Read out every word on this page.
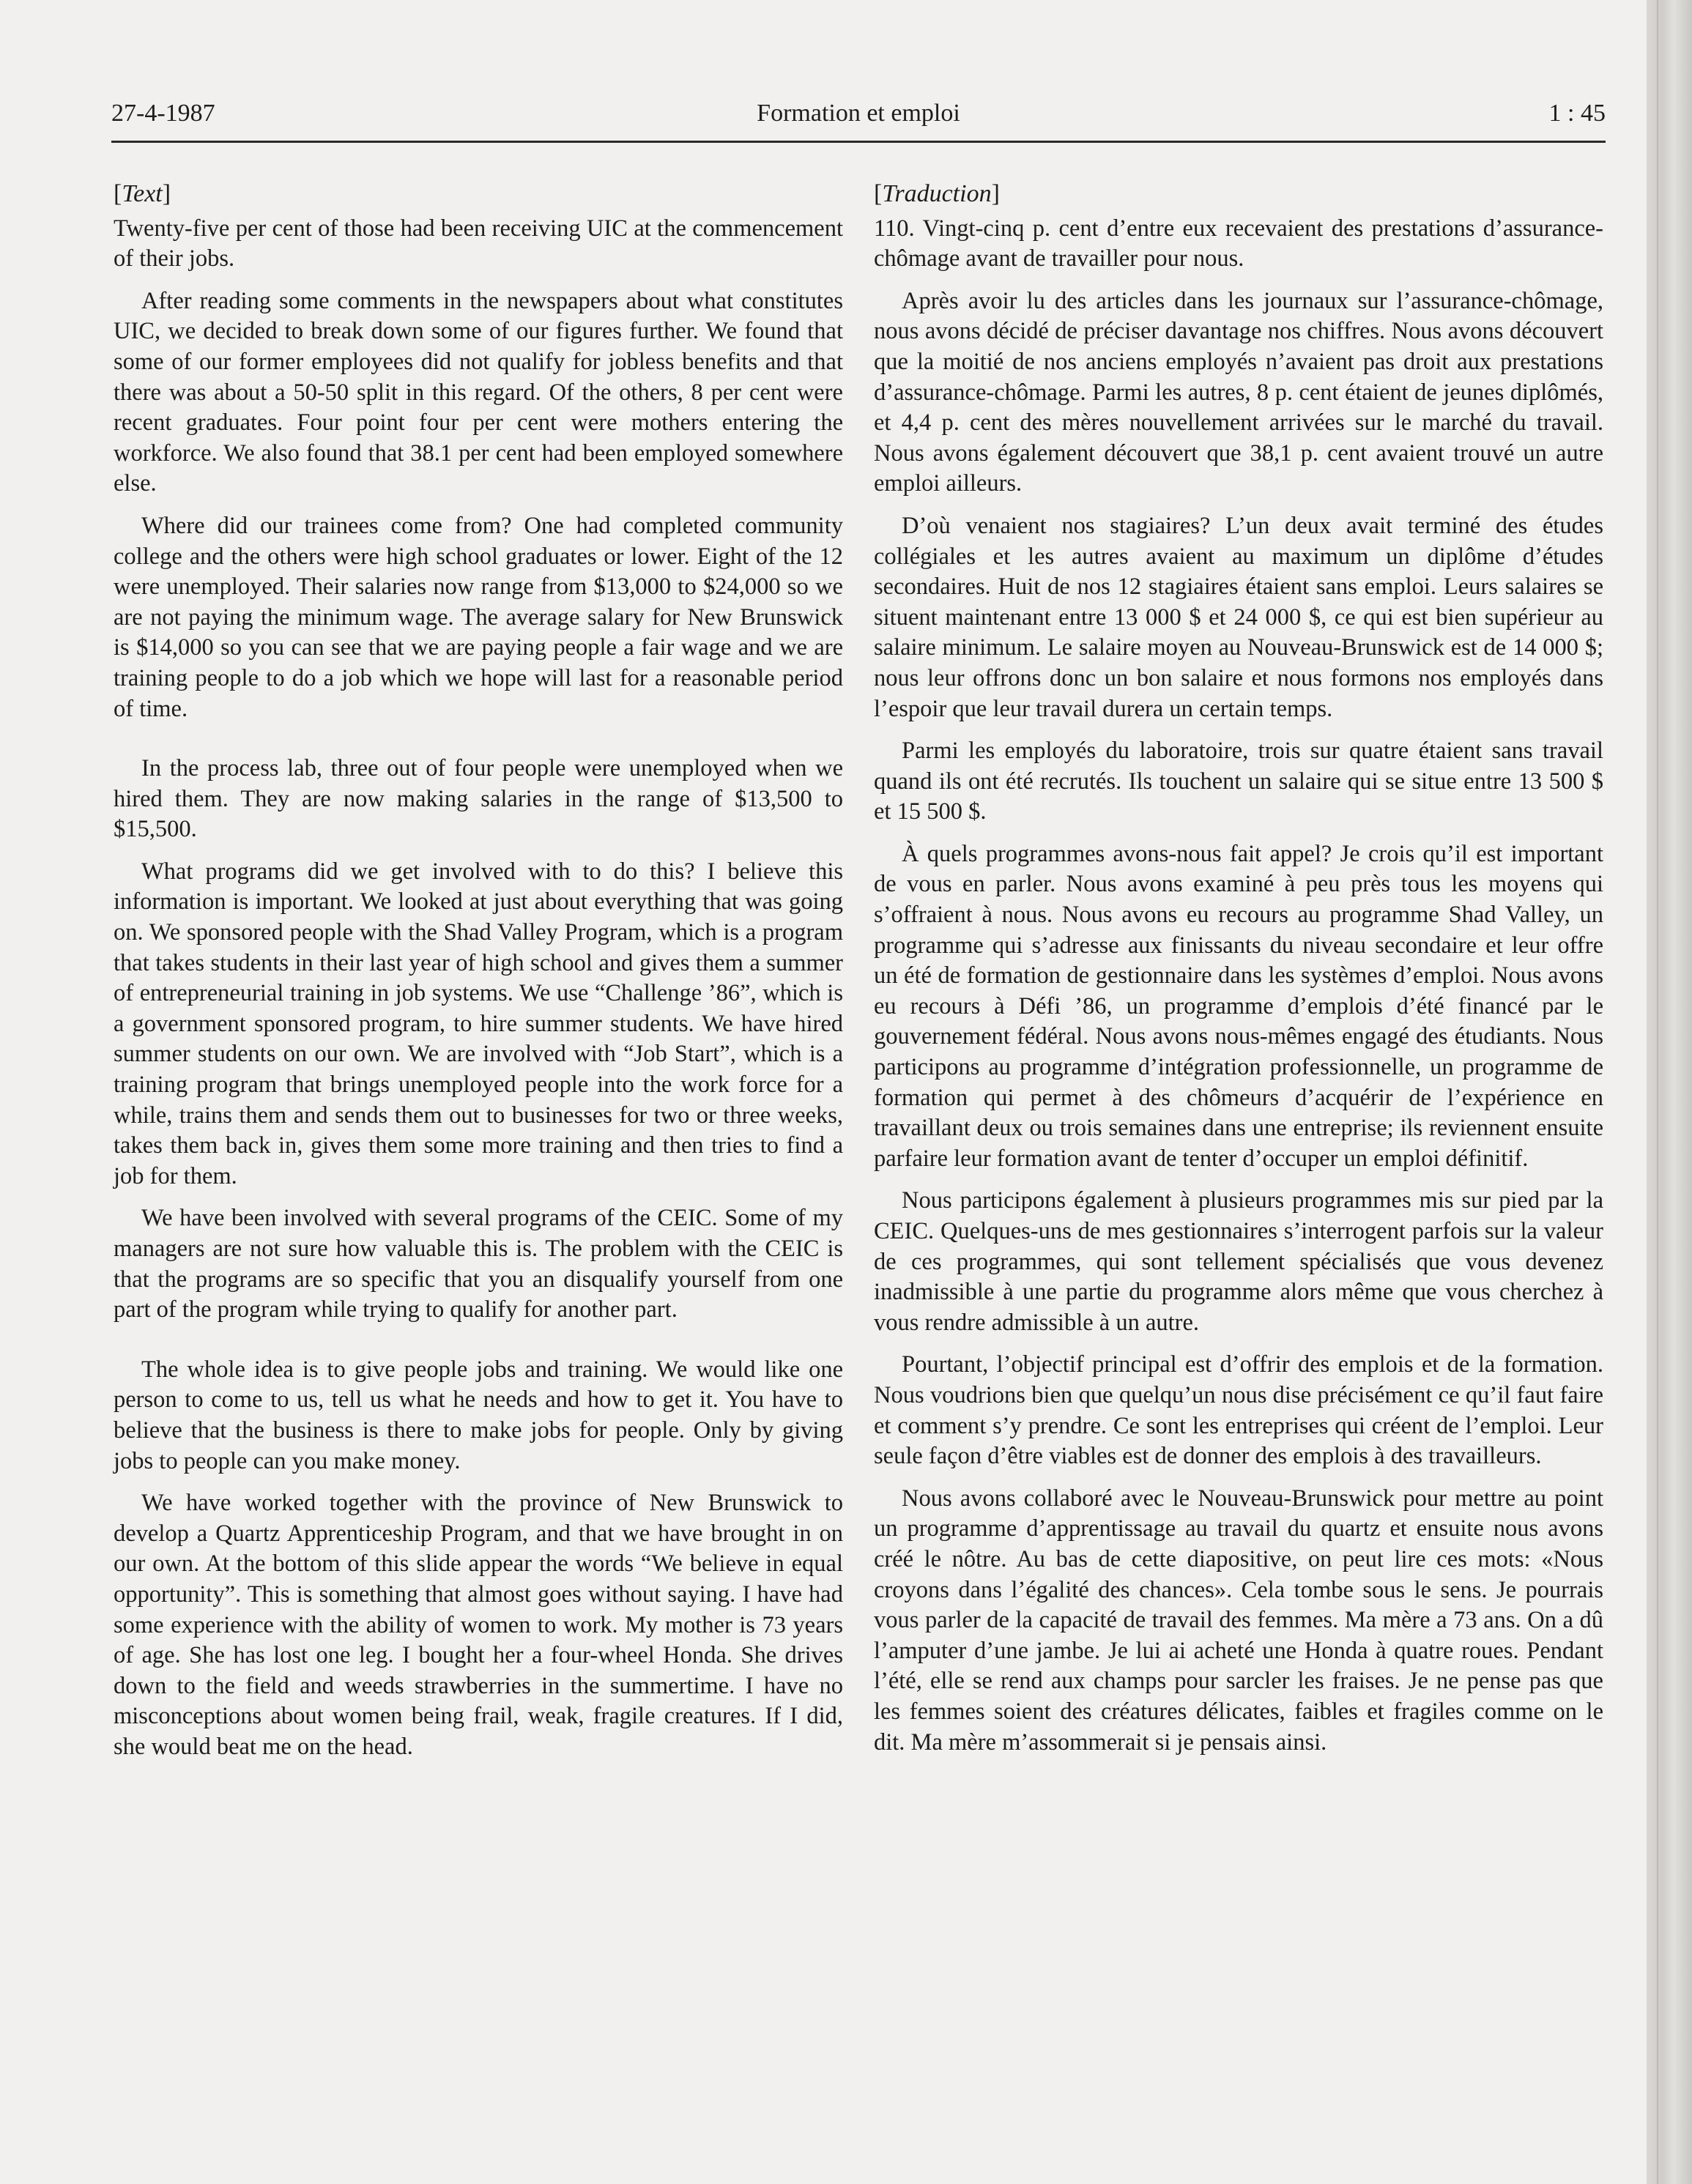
27-4-1987	Formation et emploi	1 : 45
[Text]

Twenty-five per cent of those had been receiving UIC at the commencement of their jobs.

After reading some comments in the newspapers about what constitutes UIC, we decided to break down some of our figures further. We found that some of our former employees did not qualify for jobless benefits and that there was about a 50-50 split in this regard. Of the others, 8 per cent were recent graduates. Four point four per cent were mothers entering the workforce. We also found that 38.1 per cent had been employed somewhere else.

Where did our trainees come from? One had completed community college and the others were high school graduates or lower. Eight of the 12 were unemployed. Their salaries now range from $13,000 to $24,000 so we are not paying the minimum wage. The average salary for New Brunswick is $14,000 so you can see that we are paying people a fair wage and we are training people to do a job which we hope will last for a reasonable period of time.

In the process lab, three out of four people were unemployed when we hired them. They are now making salaries in the range of $13,500 to $15,500.

What programs did we get involved with to do this? I believe this information is important. We looked at just about everything that was going on. We sponsored people with the Shad Valley Program, which is a program that takes students in their last year of high school and gives them a summer of entrepreneurial training in job systems. We use “Challenge ’86”, which is a government sponsored program, to hire summer students. We have hired summer students on our own. We are involved with “Job Start”, which is a training program that brings unemployed people into the work force for a while, trains them and sends them out to businesses for two or three weeks, takes them back in, gives them some more training and then tries to find a job for them.

We have been involved with several programs of the CEIC. Some of my managers are not sure how valuable this is. The problem with the CEIC is that the programs are so specific that you an disqualify yourself from one part of the program while trying to qualify for another part.

The whole idea is to give people jobs and training. We would like one person to come to us, tell us what he needs and how to get it. You have to believe that the business is there to make jobs for people. Only by giving jobs to people can you make money.

We have worked together with the province of New Brunswick to develop a Quartz Apprenticeship Program, and that we have brought in on our own. At the bottom of this slide appear the words “We believe in equal opportunity”. This is something that almost goes without saying. I have had some experience with the ability of women to work. My mother is 73 years of age. She has lost one leg. I bought her a four-wheel Honda. She drives down to the field and weeds strawberries in the summertime. I have no misconceptions about women being frail, weak, fragile creatures. If I did, she would beat me on the head.

[Traduction]

110. Vingt-cinq p. cent d’entre eux recevaient des prestations d’assurance-chômage avant de travailler pour nous.

Après avoir lu des articles dans les journaux sur l’assurance-chômage, nous avons décidé de préciser davantage nos chiffres. Nous avons découvert que la moitié de nos anciens employés n’avaient pas droit aux prestations d’assurance-chômage. Parmi les autres, 8 p. cent étaient de jeunes diplômés, et 4,4 p. cent des mères nouvellement arrivées sur le marché du travail. Nous avons également découvert que 38,1 p. cent avaient trouvé un autre emploi ailleurs.

D’où venaient nos stagiaires? L’un deux avait terminé des études collégiales et les autres avaient au maximum un diplôme d’études secondaires. Huit de nos 12 stagiaires étaient sans emploi. Leurs salaires se situent maintenant entre 13 000 $ et 24 000 $, ce qui est bien supérieur au salaire minimum. Le salaire moyen au Nouveau-Brunswick est de 14 000 $; nous leur offrons donc un bon salaire et nous formons nos employés dans l’espoir que leur travail durera un certain temps.

Parmi les employés du laboratoire, trois sur quatre étaient sans travail quand ils ont été recrutés. Ils touchent un salaire qui se situe entre 13 500 $ et 15 500 $.

À quels programmes avons-nous fait appel? Je crois qu’il est important de vous en parler. Nous avons examiné à peu près tous les moyens qui s’offraient à nous. Nous avons eu recours au programme Shad Valley, un programme qui s’adresse aux finissants du niveau secondaire et leur offre un été de formation de gestionnaire dans les systèmes d’emploi. Nous avons eu recours à Défi ’86, un programme d’emplois d’été financé par le gouvernement fédéral. Nous avons nous-mêmes engagé des étudiants. Nous participons au programme d’intégration professionnelle, un programme de formation qui permet à des chômeurs d’acquérir de l’expérience en travaillant deux ou trois semaines dans une entreprise; ils reviennent ensuite parfaire leur formation avant de tenter d’occuper un emploi définitif.

Nous participons également à plusieurs programmes mis sur pied par la CEIC. Quelques-uns de mes gestionnaires s’interrogent parfois sur la valeur de ces programmes, qui sont tellement spécialisés que vous devenez inadmissible à une partie du programme alors même que vous cherchez à vous rendre admissible à un autre.

Pourtant, l’objectif principal est d’offrir des emplois et de la formation. Nous voudrions bien que quelqu’un nous dise précisément ce qu’il faut faire et comment s’y prendre. Ce sont les entreprises qui créent de l’emploi. Leur seule façon d’être viables est de donner des emplois à des travailleurs.

Nous avons collaboré avec le Nouveau-Brunswick pour mettre au point un programme d’apprentissage au travail du quartz et ensuite nous avons créé le nôtre. Au bas de cette diapositive, on peut lire ces mots: «Nous croyons dans l’égalité des chances». Cela tombe sous le sens. Je pourrais vous parler de la capacité de travail des femmes. Ma mère a 73 ans. On a dû l’amputer d’une jambe. Je lui ai acheté une Honda à quatre roues. Pendant l’été, elle se rend aux champs pour sarcler les fraises. Je ne pense pas que les femmes soient des créatures délicates, faibles et fragiles comme on le dit. Ma mère m’assommerait si je pensais ainsi.
